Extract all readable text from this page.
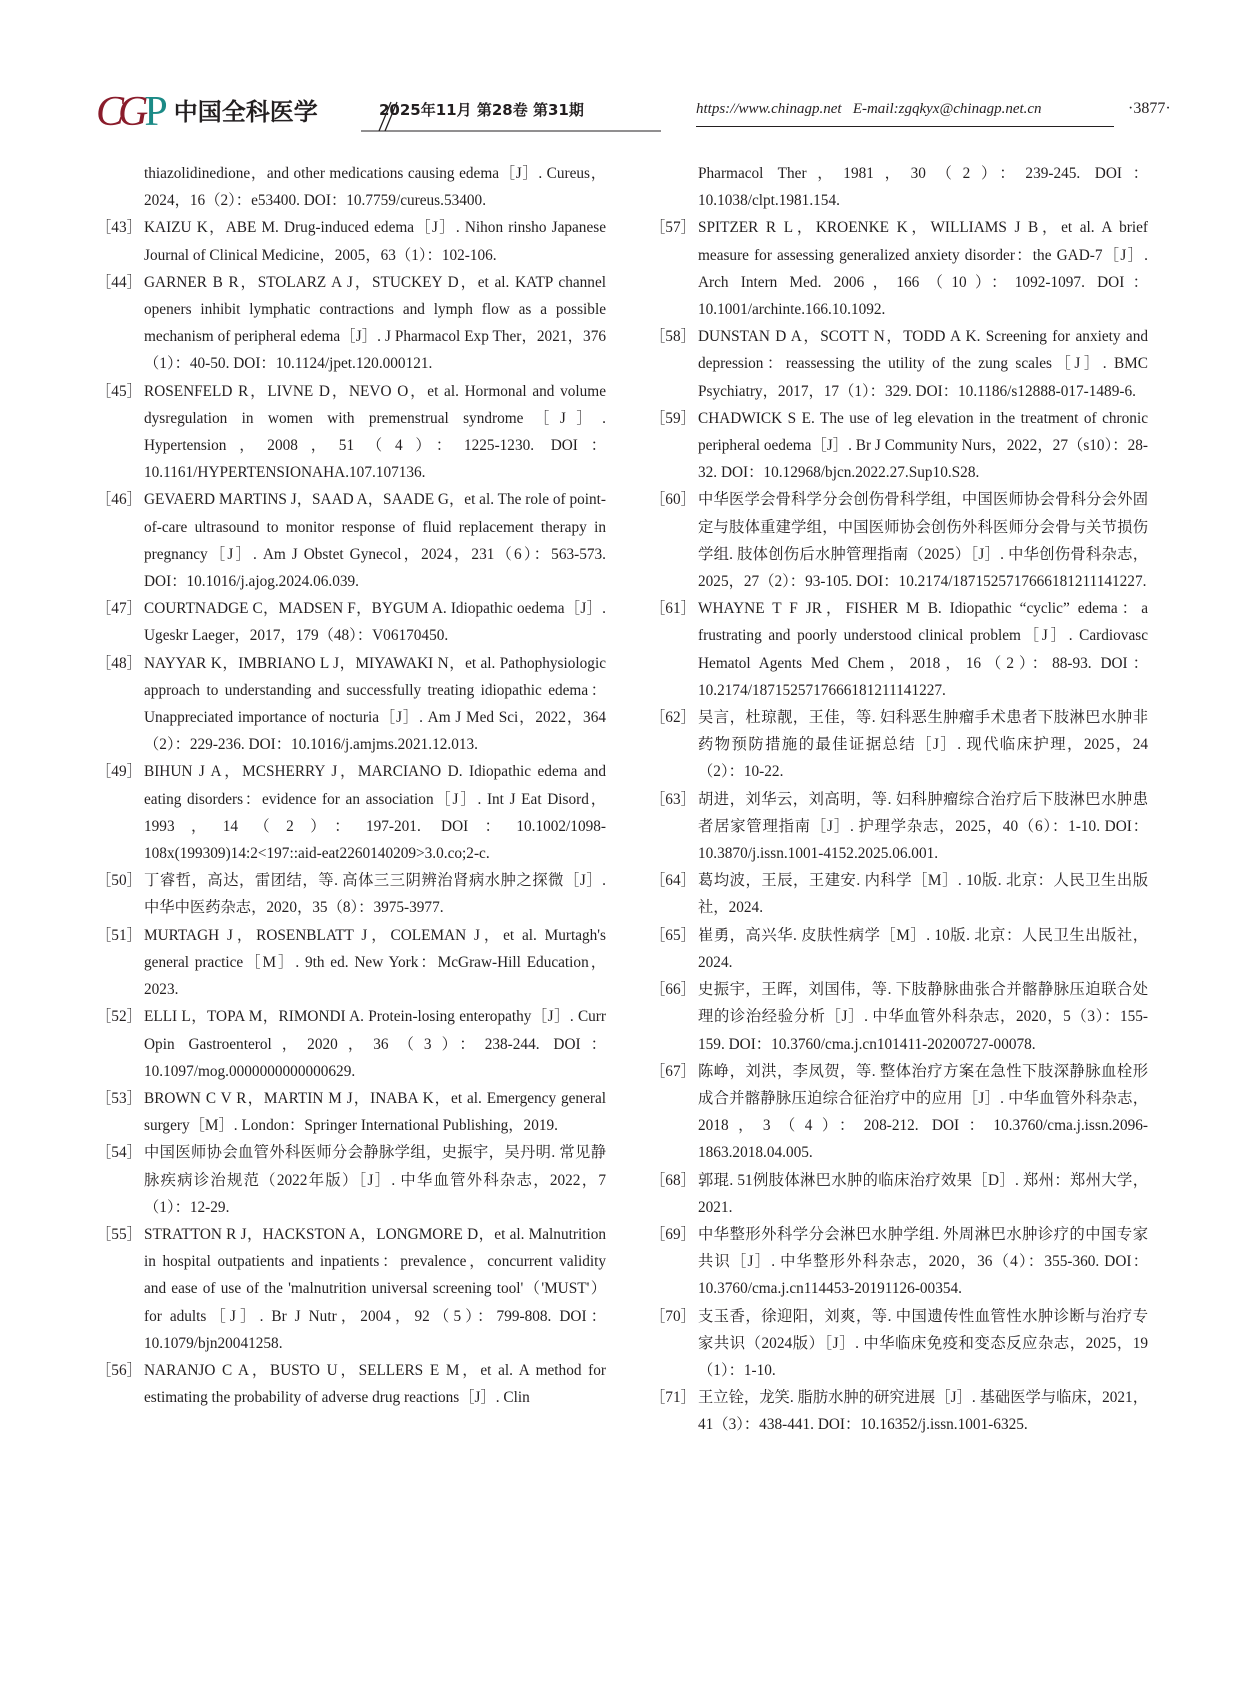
CG P 中国全科医学	2025年11月 第28卷 第31期	https://www.chinagp.net E-mail:zgqkyx@chinagp.net.cn	·3877·
thiazolidinedione，and other medications causing edema［J］. Cureus，2024，16（2）：e53400. DOI：10.7759/cureus.53400.
［43］ KAIZU K，ABE M. Drug-induced edema［J］. Nihon rinsho Japanese Journal of Clinical Medicine，2005，63（1）：102-106.
［44］ GARNER B R，STOLARZ A J，STUCKEY D，et al. KATP channel openers inhibit lymphatic contractions and lymph flow as a possible mechanism of peripheral edema［J］. J Pharmacol Exp Ther，2021，376（1）：40-50. DOI：10.1124/jpet.120.000121.
［45］ ROSENFELD R，LIVNE D，NEVO O，et al. Hormonal and volume dysregulation in women with premenstrual syndrome［J］. Hypertension，2008，51（4）：1225-1230. DOI：10.1161/HYPERTENSIONAHA.107.107136.
［46］ GEVAERD MARTINS J，SAAD A，SAADE G，et al. The role of point-of-care ultrasound to monitor response of fluid replacement therapy in pregnancy［J］. Am J Obstet Gynecol，2024，231（6）：563-573. DOI：10.1016/j.ajog.2024.06.039.
［47］ COURTNADGE C，MADSEN F，BYGUM A. Idiopathic oedema［J］. Ugeskr Laeger，2017，179（48）：V06170450.
［48］ NAYYAR K，IMBRIANO L J，MIYAWAKI N，et al. Pathophysiologic approach to understanding and successfully treating idiopathic edema：Unappreciated importance of nocturia［J］. Am J Med Sci，2022，364（2）：229-236. DOI：10.1016/j.amjms.2021.12.013.
［49］ BIHUN J A，MCSHERRY J，MARCIANO D. Idiopathic edema and eating disorders：evidence for an association［J］. Int J Eat Disord，1993，14（2）：197-201. DOI：10.1002/1098-108x(199309)14:2<197::aid-eat2260140209>3.0.co;2-c.
［50］ 丁睿哲，高达，雷团结，等. 高体三三阴辨治肾病水肿之探微［J］. 中华中医药杂志，2020，35（8）：3975-3977.
［51］ MURTAGH J，ROSENBLATT J，COLEMAN J，et al. Murtagh's general practice［M］. 9th ed. New York：McGraw-Hill Education，2023.
［52］ ELLI L，TOPA M，RIMONDI A. Protein-losing enteropathy［J］. Curr Opin Gastroenterol，2020，36（3）：238-244. DOI：10.1097/mog.0000000000000629.
［53］ BROWN C V R，MARTIN M J，INABA K，et al. Emergency general surgery［M］. London：Springer International Publishing，2019.
［54］ 中国医师协会血管外科医师分会静脉学组，史振宇，吴丹明. 常见静脉疾病诊治规范（2022年版）［J］. 中华血管外科杂志，2022，7（1）：12-29.
［55］ STRATTON R J，HACKSTON A，LONGMORE D，et al. Malnutrition in hospital outpatients and inpatients：prevalence，concurrent validity and ease of use of the 'malnutrition universal screening tool'（'MUST'）for adults［J］. Br J Nutr，2004，92（5）：799-808. DOI：10.1079/bjn20041258.
［56］ NARANJO C A，BUSTO U，SELLERS E M，et al. A method for estimating the probability of adverse drug reactions［J］. Clin
Pharmacol Ther，1981，30（2）：239-245. DOI：10.1038/clpt.1981.154.
［57］ SPITZER R L，KROENKE K，WILLIAMS J B，et al. A brief measure for assessing generalized anxiety disorder：the GAD-7［J］. Arch Intern Med. 2006，166（10）：1092-1097. DOI：10.1001/archinte.166.10.1092.
［58］ DUNSTAN D A，SCOTT N，TODD A K. Screening for anxiety and depression：reassessing the utility of the zung scales［J］. BMC Psychiatry，2017，17（1）：329. DOI：10.1186/s12888-017-1489-6.
［59］ CHADWICK S E. The use of leg elevation in the treatment of chronic peripheral oedema［J］. Br J Community Nurs，2022，27（s10）：28-32. DOI：10.12968/bjcn.2022.27.Sup10.S28.
［60］ 中华医学会骨科学分会创伤骨科学组，中国医师协会骨科分会外固定与肢体重建学组，中国医师协会创伤外科医师分会骨与关节损伤学组. 肢体创伤后水肿管理指南（2025）［J］. 中华创伤骨科杂志，2025，27（2）：93-105. DOI：10.2174/1871525717666181211141227.
［61］ WHAYNE T F JR，FISHER M B. Idiopathic “cyclic” edema：a frustrating and poorly understood clinical problem［J］. Cardiovasc Hematol Agents Med Chem，2018，16（2）：88-93. DOI：10.2174/1871525717666181211141227.
［62］ 吴言，杜琼靓，王佳，等. 妇科恶生肿瘤手术患者下肢淋巴水肿非药物预防措施的最佳证据总结［J］. 现代临床护理，2025，24（2）：10-22.
［63］ 胡进，刘华云，刘高明，等. 妇科肿瘤综合治疗后下肢淋巴水肿患者居家管理指南［J］. 护理学杂志，2025，40（6）：1-10. DOI：10.3870/j.issn.1001-4152.2025.06.001.
［64］ 葛均波，王辰，王建安. 内科学［M］. 10版. 北京：人民卫生出版社，2024.
［65］ 崔勇，高兴华. 皮肤性病学［M］. 10版. 北京：人民卫生出版社，2024.
［66］ 史振宇，王晖，刘国伟，等. 下肢静脉曲张合并髂静脉压迫联合处理的诊治经验分析［J］. 中华血管外科杂志，2020，5（3）：155-159. DOI：10.3760/cma.j.cn101411-20200727-00078.
［67］ 陈峥，刘洪，李凤贺，等. 整体治疗方案在急性下肢深静脉血栓形成合并髂静脉压迫综合征治疗中的应用［J］. 中华血管外科杂志，2018，3（4）：208-212. DOI：10.3760/cma.j.issn.2096-1863.2018.04.005.
［68］ 郭琨. 51例肢体淋巴水肿的临床治疗效果［D］. 郑州：郑州大学，2021.
［69］ 中华整形外科学分会淋巴水肿学组. 外周淋巴水肿诊疗的中国专家共识［J］. 中华整形外科杂志，2020，36（4）：355-360. DOI：10.3760/cma.j.cn114453-20191126-00354.
［70］ 支玉香，徐迎阳，刘爽，等. 中国遗传性血管性水肿诊断与治疗专家共识（2024版）［J］. 中华临床免疫和变态反应杂志，2025，19（1）：1-10.
［71］ 王立铨，龙笑. 脂肪水肿的研究进展［J］. 基础医学与临床，2021，41（3）：438-441. DOI：10.16352/j.issn.1001-6325.
